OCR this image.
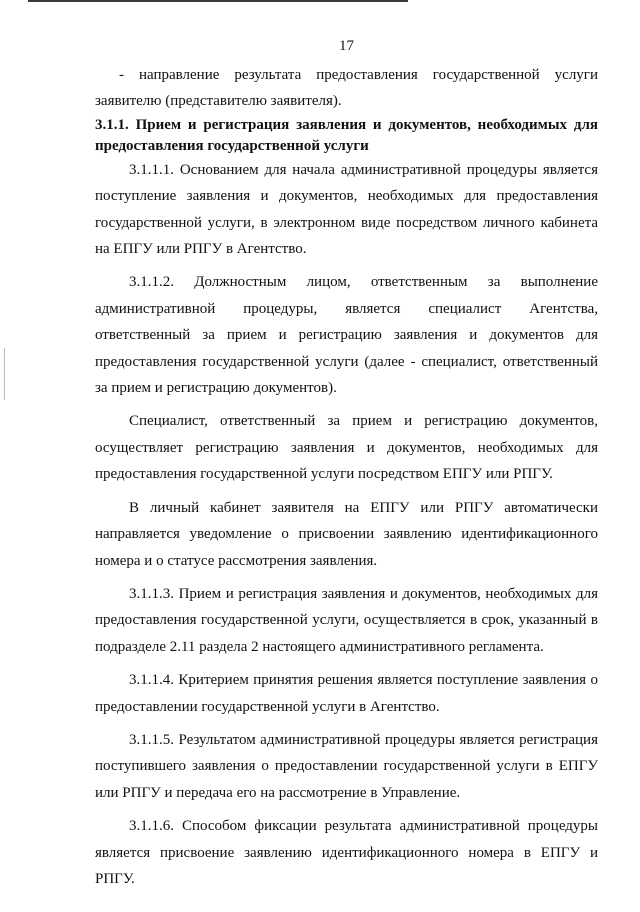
17

- направление результата предоставления государственной услуги заявителю (представителю заявителя).

3.1.1. Прием и регистрация заявления и документов, необходимых для предоставления государственной услуги

3.1.1.1. Основанием для начала административной процедуры является поступление заявления и документов, необходимых для предоставления государственной услуги, в электронном виде посредством личного кабинета на ЕПГУ или РПГУ в Агентство.

3.1.1.2. Должностным лицом, ответственным за выполнение административной процедуры, является специалист Агентства, ответственный за прием и регистрацию заявления и документов для предоставления государственной услуги (далее - специалист, ответственный за прием и регистрацию документов).

Специалист, ответственный за прием и регистрацию документов, осуществляет регистрацию заявления и документов, необходимых для предоставления государственной услуги посредством ЕПГУ или РПГУ.

В личный кабинет заявителя на ЕПГУ или РПГУ автоматически направляется уведомление о присвоении заявлению идентификационного номера и о статусе рассмотрения заявления.

3.1.1.3. Прием и регистрация заявления и документов, необходимых для предоставления государственной услуги, осуществляется в срок, указанный в подразделе 2.11 раздела 2 настоящего административного регламента.

3.1.1.4. Критерием принятия решения является поступление заявления о предоставлении государственной услуги в Агентство.

3.1.1.5. Результатом административной процедуры является регистрация поступившего заявления о предоставлении государственной услуги в ЕПГУ или РПГУ и передача его на рассмотрение в Управление.

3.1.1.6. Способом фиксации результата административной процедуры является присвоение заявлению идентификационного номера в ЕПГУ и РПГУ.
